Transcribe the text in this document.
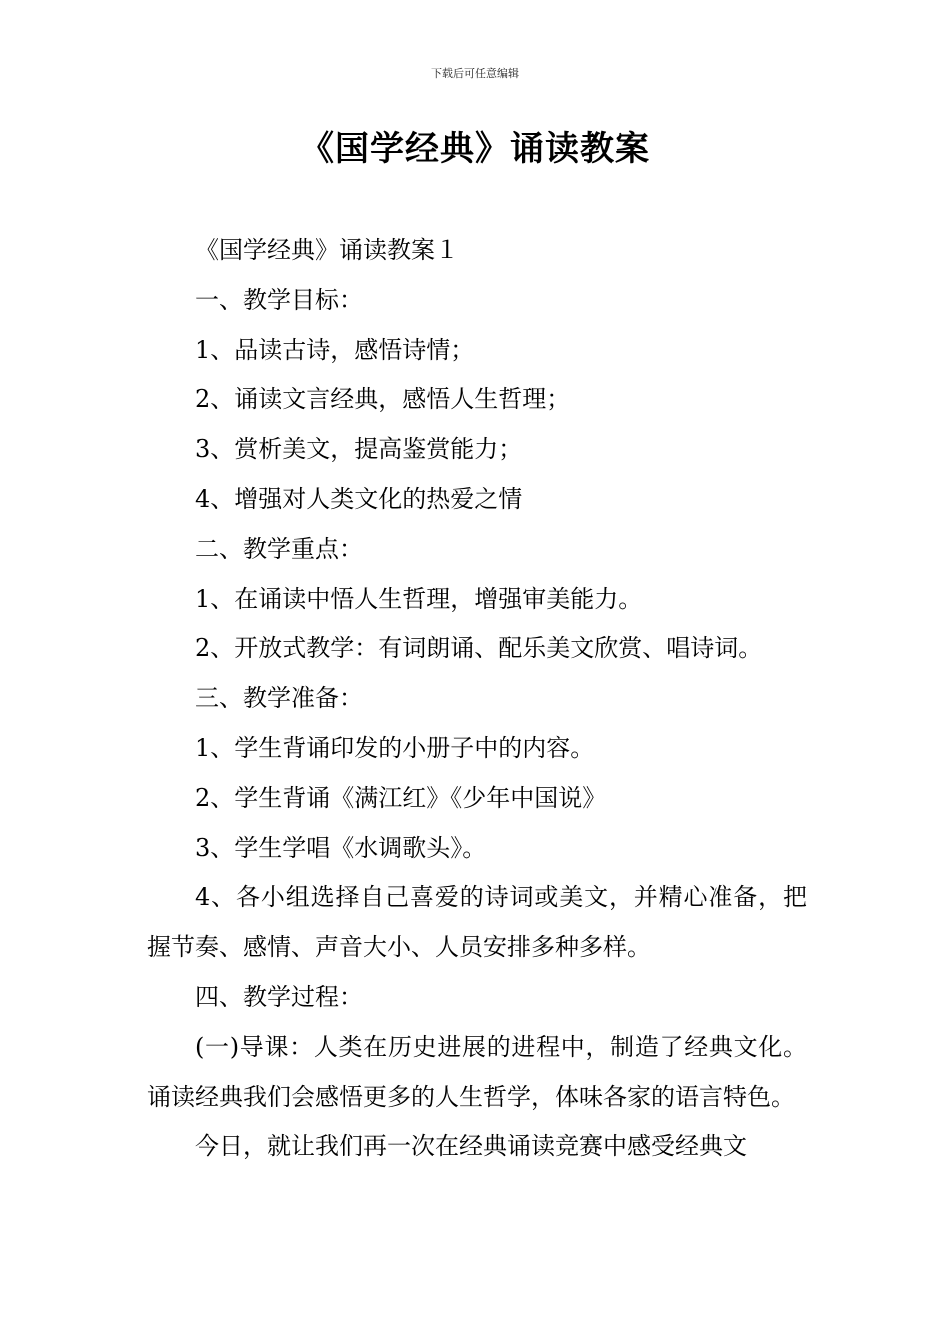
下载后可任意编辑
《国学经典》诵读教案

《国学经典》诵读教案１

一、教学目标：

1、品读古诗，感悟诗情；

2、诵读文言经典，感悟人生哲理；

3、赏析美文，提高鉴赏能力；

4、增强对人类文化的热爱之情

二、教学重点：

1、在诵读中悟人生哲理，增强审美能力。

2、开放式教学：有词朗诵、配乐美文欣赏、唱诗词。

三、教学准备：

1、学生背诵印发的小册子中的内容。

2、学生背诵《满江红》《少年中国说》

3、学生学唱《水调歌头》。

4、各小组选择自己喜爱的诗词或美文，并精心准备，把握节奏、感情、声音大小、人员安排多种多样。

四、教学过程：

(一)导课：人类在历史进展的进程中，制造了经典文化。诵读经典我们会感悟更多的人生哲学，体味各家的语言特色。

今日，就让我们再一次在经典诵读竞赛中感受经典文
